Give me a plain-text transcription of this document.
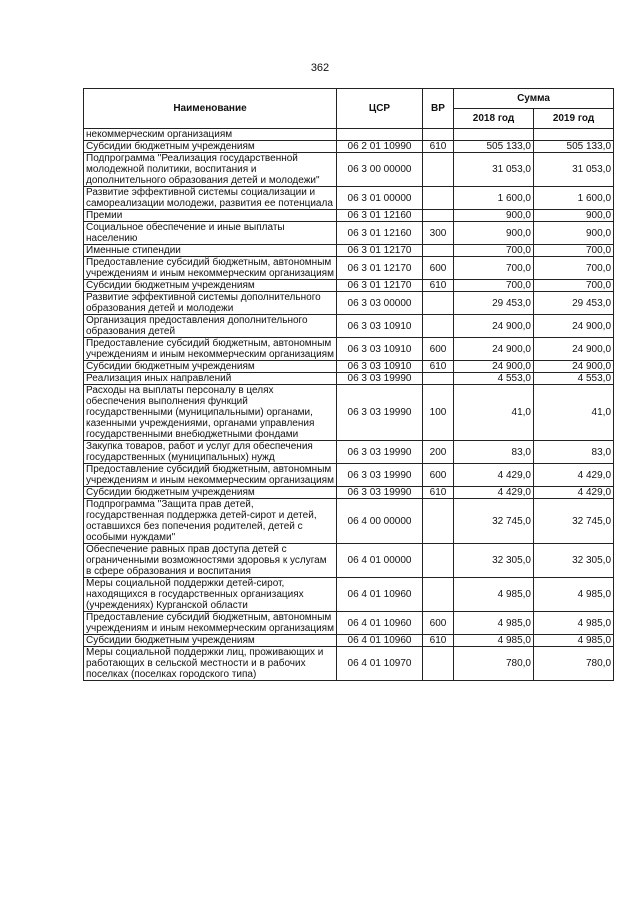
362
Наименование	ЦСР	ВР	Сумма	
			2018 год	2019 год
некоммерческим организациям				
Субсидии бюджетным учреждениям	06 2 01 10990	610	505 133,0	505 133,0
Подпрограмма "Реализация государственной молодежной политики, воспитания и дополнительного образования детей и молодежи"	06 3 00 00000		31 053,0	31 053,0
Развитие эффективной системы социализации и самореализации молодежи, развития ее потенциала	06 3 01 00000		1 600,0	1 600,0
Премии	06 3 01 12160		900,0	900,0
Социальное обеспечение и иные выплаты населению	06 3 01 12160	300	900,0	900,0
Именные стипендии	06 3 01 12170		700,0	700,0
Предоставление субсидий бюджетным, автономным учреждениям и иным некоммерческим организациям	06 3 01 12170	600	700,0	700,0
Субсидии бюджетным учреждениям	06 3 01 12170	610	700,0	700,0
Развитие эффективной системы дополнительного образования детей и молодежи	06 3 03 00000		29 453,0	29 453,0
Организация предоставления дополнительного образования детей	06 3 03 10910		24 900,0	24 900,0
Предоставление субсидий бюджетным, автономным учреждениям и иным некоммерческим организациям	06 3 03 10910	600	24 900,0	24 900,0
Субсидии бюджетным учреждениям	06 3 03 10910	610	24 900,0	24 900,0
Реализация иных направлений	06 3 03 19990		4 553,0	4 553,0
Расходы на выплаты персоналу в целях обеспечения выполнения функций государственными (муниципальными) органами, казенными учреждениями, органами управления государственными внебюджетными фондами	06 3 03 19990	100	41,0	41,0
Закупка товаров, работ и услуг для обеспечения государственных (муниципальных) нужд	06 3 03 19990	200	83,0	83,0
Предоставление субсидий бюджетным, автономным учреждениям и иным некоммерческим организациям	06 3 03 19990	600	4 429,0	4 429,0
Субсидии бюджетным учреждениям	06 3 03 19990	610	4 429,0	4 429,0
Подпрограмма "Защита прав детей, государственная поддержка детей-сирот и детей, оставшихся без попечения родителей, детей с особыми нуждами"	06 4 00 00000		32 745,0	32 745,0
Обеспечение равных прав доступа детей с ограниченными возможностями здоровья к услугам в сфере образования и воспитания	06 4 01 00000		32 305,0	32 305,0
Меры социальной поддержки детей-сирот, находящихся в государственных организациях (учреждениях) Курганской области	06 4 01 10960		4 985,0	4 985,0
Предоставление субсидий бюджетным, автономным учреждениям и иным некоммерческим организациям	06 4 01 10960	600	4 985,0	4 985,0
Субсидии бюджетным учреждениям	06 4 01 10960	610	4 985,0	4 985,0
Меры социальной поддержки лиц, проживающих и работающих в сельской местности и в рабочих поселках (поселках городского типа)	06 4 01 10970		780,0	780,0
